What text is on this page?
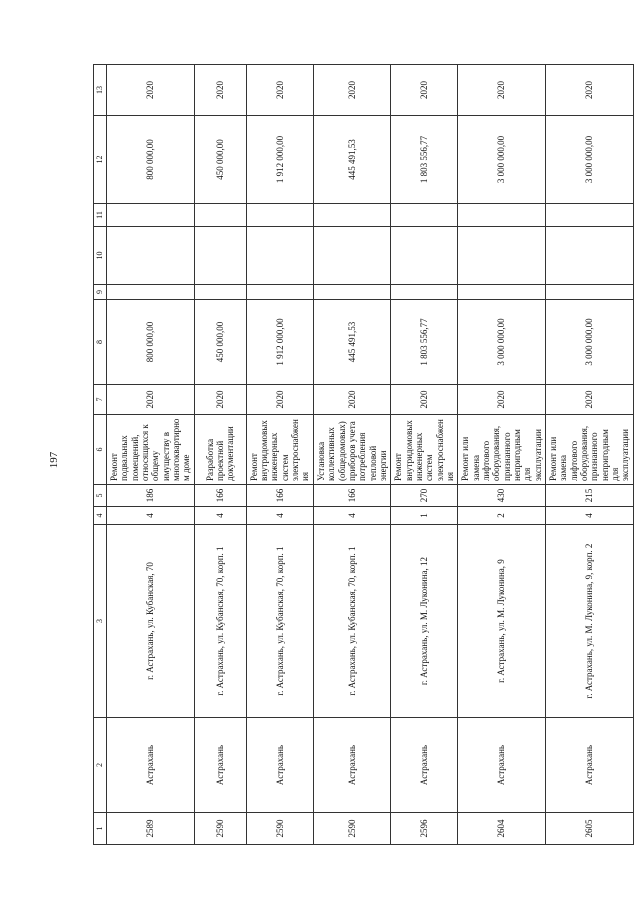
197
1	2	3	4	5	6	7	8	9	10	11	12	13
2589	Астрахань	г. Астрахань, ул. Кубанская, 70	4	186	Ремонт подвальных помещений, относящихся к общему имуществу в многоквартирном доме	2020	800 000,00				800 000,00	2020
2590	Астрахань	г. Астрахань, ул. Кубанская, 70, корп. 1	4	166	Разработка проектной документации	2020	450 000,00				450 000,00	2020
2590	Астрахань	г. Астрахань, ул. Кубанская, 70, корп. 1	4	166	Ремонт внутридомовых инженерных систем электроснабжения	2020	1 912 000,00				1 912 000,00	2020
2590	Астрахань	г. Астрахань, ул. Кубанская, 70, корп. 1	4	166	Установка коллективных (общедомовых) приборов учета потребления тепловой энергии	2020	445 491,53				445 491,53	2020
2596	Астрахань	г. Астрахань, ул. М. Луконина, 12	1	270	Ремонт внутридомовых инженерных систем электроснабжения	2020	1 803 556,77				1 803 556,77	2020
2604	Астрахань	г. Астрахань, ул. М. Луконина, 9	2	430	Ремонт или замена лифтового оборудования, признанного непригодным для эксплуатации	2020	3 000 000,00				3 000 000,00	2020
2605	Астрахань	г. Астрахань, ул. М. Луконина, 9, корп. 2	4	215	Ремонт или замена лифтового оборудования, признанного непригодным для эксплуатации	2020	3 000 000,00				3 000 000,00	2020
